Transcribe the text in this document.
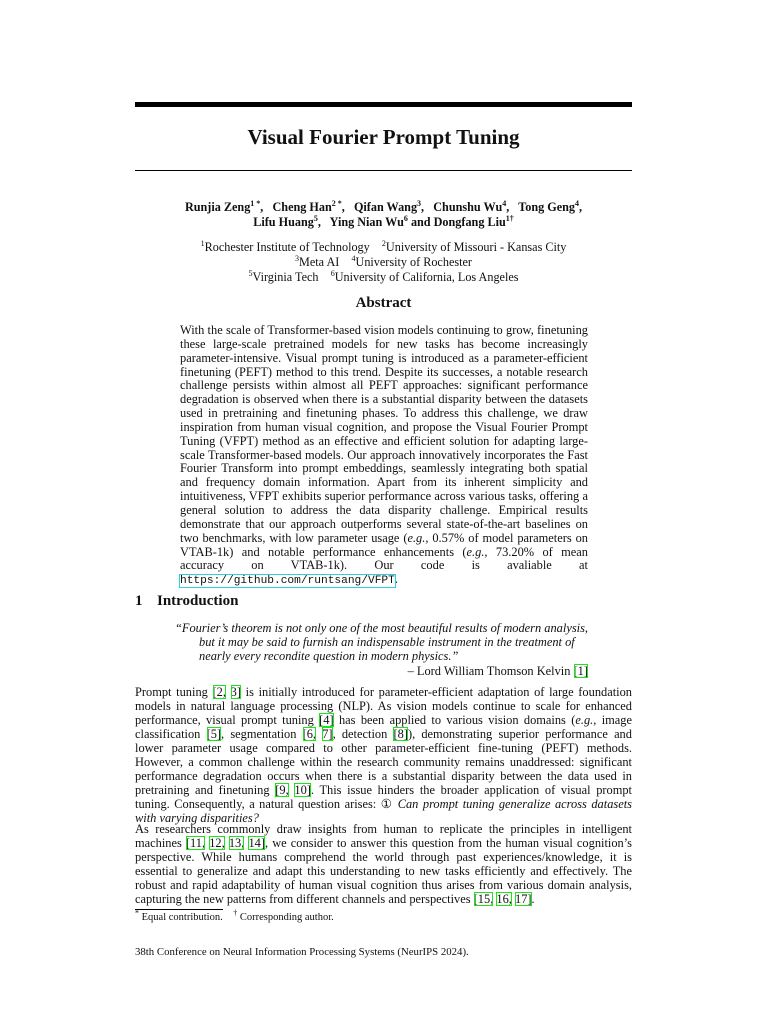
Visual Fourier Prompt Tuning
Runjia Zeng$^{1 *}$,   Cheng Han$^{2 *}$,   Qifan Wang$^3$,   Chunshu Wu$^4$,   Tong Geng$^4$,
Lifu Huang$^5$,   Ying Nian Wu$^6$ and Dongfang Liu$^{1\dagger}$
$^1$Rochester Institute of Technology $^2$University of Missouri - Kansas City
$^3$Meta AI $^4$University of Rochester
$^5$Virginia Tech $^6$University of California, Los Angeles
Abstract
With the scale of Transformer-based vision models continuing to grow, finetuning these large-scale pretrained models for new tasks has become increasingly parameter-intensive. Visual prompt tuning is introduced as a parameter-efficient finetuning (PEFT) method to this trend. Despite its successes, a notable research challenge persists within almost all PEFT approaches: significant performance degradation is observed when there is a substantial disparity between the datasets used in pretraining and finetuning phases. To address this challenge, we draw inspiration from human visual cognition, and propose the Visual Fourier Prompt Tuning (VFPT) method as an effective and efficient solution for adapting large-scale Transformer-based models. Our approach innovatively incorporates the Fast Fourier Transform into prompt embeddings, seamlessly integrating both spatial and frequency domain information. Apart from its inherent simplicity and intuitiveness, VFPT exhibits superior performance across various tasks, offering a general solution to address the data disparity challenge. Empirical results demonstrate that our approach outperforms several state-of-the-art baselines on two benchmarks, with low parameter usage (e.g., 0.57% of model parameters on VTAB-1k) and notable performance enhancements (e.g., 73.20% of mean accuracy on VTAB-1k). Our code is avaliable at https://github.com/runtsang/VFPT.
1 Introduction
“Fourier’s theorem is not only one of the most beautiful results of modern analysis,
but it may be said to furnish an indispensable instrument in the treatment of
nearly every recondite question in modern physics.”
– Lord William Thomson Kelvin [1]
Prompt tuning [2, 3] is initially introduced for parameter-efficient adaptation of large foundation models in natural language processing (NLP). As vision models continue to scale for enhanced performance, visual prompt tuning [4] has been applied to various vision domains (e.g., image classification [5], segmentation [6, 7], detection [8]), demonstrating superior performance and lower parameter usage compared to other parameter-efficient fine-tuning (PEFT) methods. However, a common challenge within the research community remains unaddressed: significant performance degradation occurs when there is a substantial disparity between the data used in pretraining and finetuning [9, 10]. This issue hinders the broader application of visual prompt tuning. Consequently, a natural question arises: ① Can prompt tuning generalize across datasets with varying disparities?
As researchers commonly draw insights from human to replicate the principles in intelligent machines [11, 12, 13, 14], we consider to answer this question from the human visual cognition’s perspective. While humans comprehend the world through past experiences/knowledge, it is essential to generalize and adapt this understanding to new tasks efficiently and effectively. The robust and rapid adaptability of human visual cognition thus arises from various domain analysis, capturing the new patterns from different channels and perspectives [15, 16, 17].
* Equal contribution. † Corresponding author.
38th Conference on Neural Information Processing Systems (NeurIPS 2024).
